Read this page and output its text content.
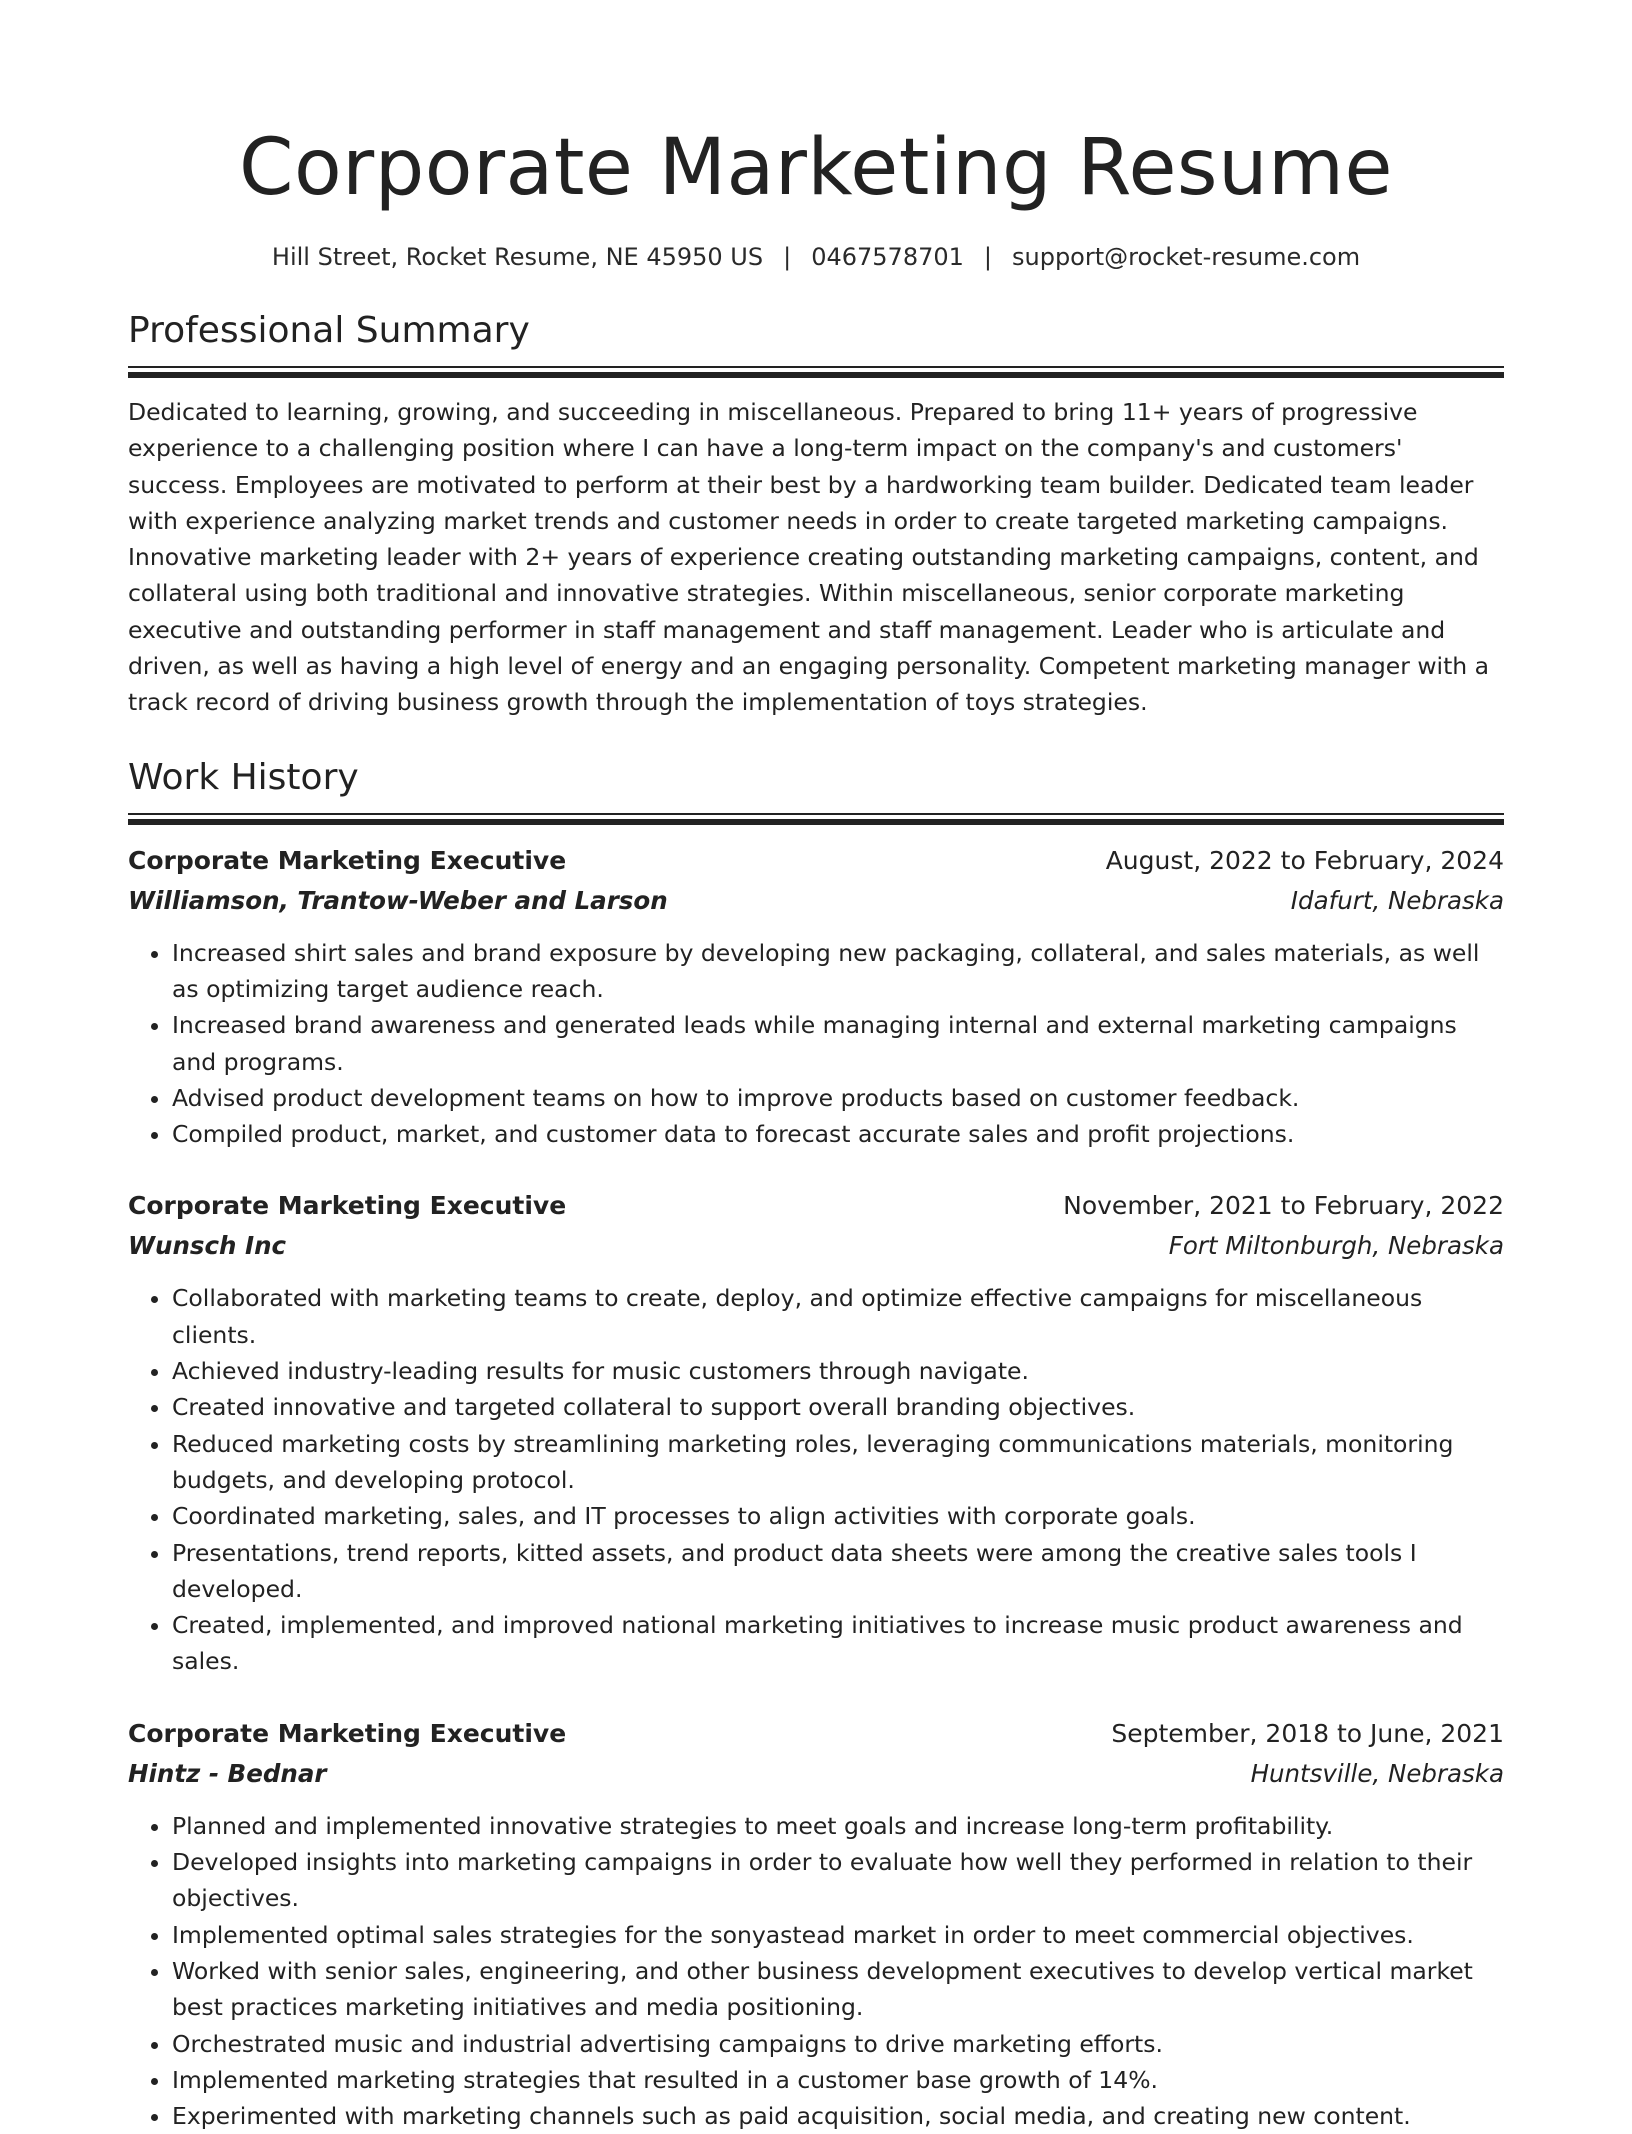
Corporate Marketing Resume
Hill Street, Rocket Resume, NE 45950 US | 0467578701 | support@rocket-resume.com
Professional Summary

Dedicated to learning, growing, and succeeding in miscellaneous. Prepared to bring 11+ years of progressive experience to a challenging position where I can have a long-term impact on the company's and customers' success. Employees are motivated to perform at their best by a hardworking team builder. Dedicated team leader with experience analyzing market trends and customer needs in order to create targeted marketing campaigns. Innovative marketing leader with 2+ years of experience creating outstanding marketing campaigns, content, and collateral using both traditional and innovative strategies. Within miscellaneous, senior corporate marketing executive and outstanding performer in staff management and staff management. Leader who is articulate and driven, as well as having a high level of energy and an engaging personality. Competent marketing manager with a track record of driving business growth through the implementation of toys strategies.

Work History
Corporate Marketing Executive	August, 2022 to February, 2024
Williamson, Trantow-Weber and Larson	Idafurt, Nebraska
• Increased shirt sales and brand exposure by developing new packaging, collateral, and sales materials, as well as optimizing target audience reach.
• Increased brand awareness and generated leads while managing internal and external marketing campaigns and programs.
• Advised product development teams on how to improve products based on customer feedback.
• Compiled product, market, and customer data to forecast accurate sales and profit projections.
Corporate Marketing Executive	November, 2021 to February, 2022
Wunsch Inc	Fort Miltonburgh, Nebraska
• Collaborated with marketing teams to create, deploy, and optimize effective campaigns for miscellaneous clients.
• Achieved industry-leading results for music customers through navigate.
• Created innovative and targeted collateral to support overall branding objectives.
• Reduced marketing costs by streamlining marketing roles, leveraging communications materials, monitoring budgets, and developing protocol.
• Coordinated marketing, sales, and IT processes to align activities with corporate goals.
• Presentations, trend reports, kitted assets, and product data sheets were among the creative sales tools I developed.
• Created, implemented, and improved national marketing initiatives to increase music product awareness and sales.
Corporate Marketing Executive	September, 2018 to June, 2021
Hintz - Bednar	Huntsville, Nebraska
• Planned and implemented innovative strategies to meet goals and increase long-term profitability.
• Developed insights into marketing campaigns in order to evaluate how well they performed in relation to their objectives.
• Implemented optimal sales strategies for the sonyastead market in order to meet commercial objectives.
• Worked with senior sales, engineering, and other business development executives to develop vertical market best practices marketing initiatives and media positioning.
• Orchestrated music and industrial advertising campaigns to drive marketing efforts.
• Implemented marketing strategies that resulted in a customer base growth of 14%.
• Experimented with marketing channels such as paid acquisition, social media, and creating new content.
